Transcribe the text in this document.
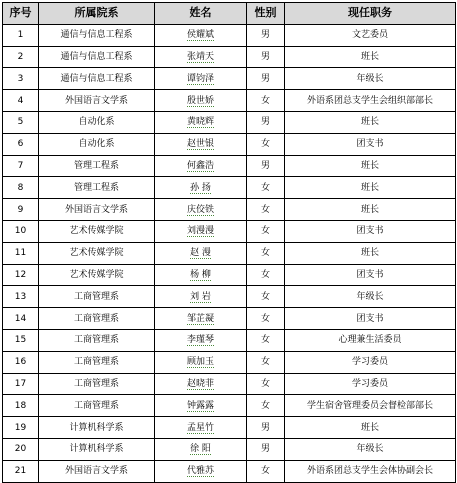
序号	所属院系	姓名	性别	现任职务
1	通信与信息工程系	侯耀斌	男	文艺委员
2	通信与信息工程系	张靖天	男	班长
3	通信与信息工程系	谭钧泽	男	年级长
4	外国语言文学系	殷世娇	女	外语系团总支学生会组织部部长
5	自动化系	黄晓辉	男	班长
6	自动化系	赵世银	女	团支书
7	管理工程系	何鑫浩	男	班长
8	管理工程系	孙 扬	女	班长
9	外国语言文学系	庆佼铁	女	班长
10	艺术传媒学院	刘漫漫	女	团支书
11	艺术传媒学院	赵 漫	女	班长
12	艺术传媒学院	杨 柳	女	团支书
13	工商管理系	刘 岩	女	年级长
14	工商管理系	邹芷凝	女	团支书
15	工商管理系	李瑾琴	女	心理兼生活委员
16	工商管理系	顾加玉	女	学习委员
17	工商管理系	赵晓菲	女	学习委员
18	工商管理系	钟露露	女	学生宿舍管理委员会督检部部长
19	计算机科学系	孟星竹	男	班长
20	计算机科学系	徐 阳	男	年级长
21	外国语言文学系	代雅苏	女	外语系团总支学生会体协副会长
